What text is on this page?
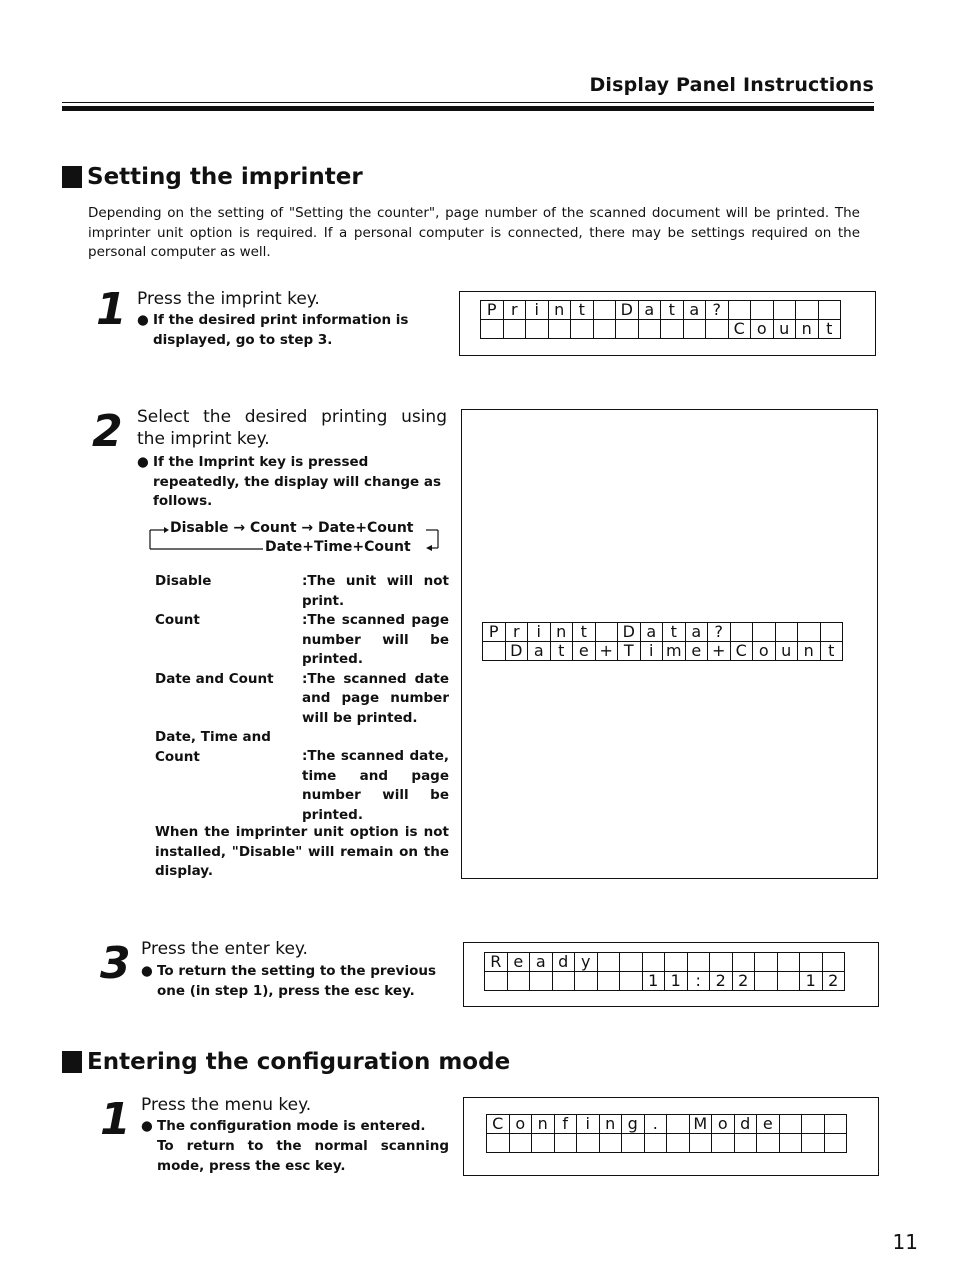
Display Panel Instructions
Setting the imprinter
Depending on the setting of "Setting the counter", page number of the scanned document will be printed. The imprinter unit option is required. If a personal computer is connected, there may be settings required on the personal computer as well.
1 Press the imprint key.
● If the desired print information is displayed, go to step 3.
P	r	i	n	t		D	a	t	a	?					
											C	o	u	n	t
2 Select the desired printing using the imprint key.
● If the Imprint key is pressed repeatedly, the display will change as follows.
Disable → Count → Date+Count
Date+Time+Count
Disable	:The unit will not print.
Count	:The scanned page number will be printed.
Date and Count	:The scanned date and page number will be printed.
Date, Time and Count	:The scanned date, time and page number will be printed.
When the imprinter unit option is not installed, "Disable" will remain on the display.
P	r	i	n	t		D	a	t	a	?					
	D	a	t	e	+	T	i	m	e	+	C	o	u	n	t
3 Press the enter key.
● To return the setting to the previous one (in step 1), press the esc key.
R	e	a	d	y											
							1	1	:	2	2			1	2
Entering the configuration mode
1 Press the menu key.
● The configuration mode is entered.
To return to the normal scanning mode, press the esc key.
C	o	n	f	i	n	g	.		M	o	d	e			

11
